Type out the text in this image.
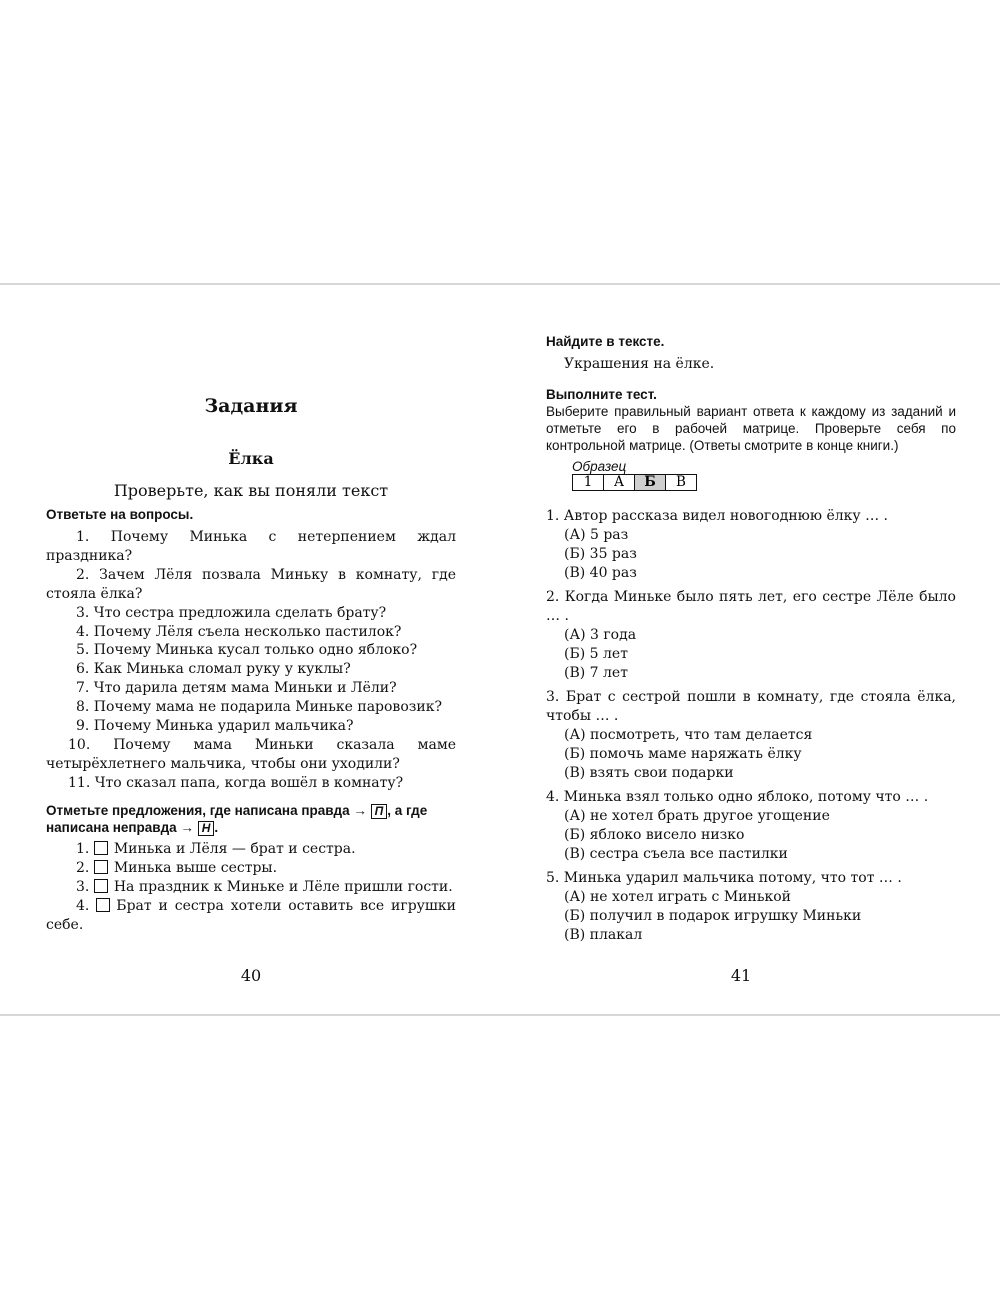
Задания
Ёлка
Проверьте, как вы поняли текст

Ответьте на вопросы.

1. Почему Минька с нетерпением ждал праздника?

2. Зачем Лёля позвала Миньку в комнату, где стояла ёлка?

3. Что сестра предложила сделать брату?

4. Почему Лёля съела несколько пастилок?

5. Почему Минька кусал только одно яблоко?

6. Как Минька сломал руку у куклы?

7. Что дарила детям мама Миньки и Лёли?

8. Почему мама не подарила Миньке паровозик?

9. Почему Минька ударил мальчика?

10. Почему мама Миньки сказала маме четырёхлетнего мальчика, чтобы они уходили?

11. Что сказал папа, когда вошёл в комнату?

Отметьте предложения, где написана правда → П , а где написана неправда → Н .

1. Минька и Лёля — брат и сестра.

2. Минька выше сестры.

3. На праздник к Миньке и Лёле пришли гости.

4. Брат и сестра хотели оставить все игрушки себе.

40

Найдите в тексте.

Украшения на ёлке.

Выполните тест.

Выберите правильный вариант ответа к каждому из заданий и отметьте его в рабочей матрице. Проверьте себя по контрольной матрице. (Ответы смотрите в конце книги.)

Образец
1	А	Б	В

1. Автор рассказа видел новогоднюю ёлку … .

(А) 5 раз

(Б) 35 раз

(В) 40 раз

2. Когда Миньке было пять лет, его сестре Лёле было … .

(А) 3 года

(Б) 5 лет

(В) 7 лет

3. Брат с сестрой пошли в комнату, где стояла ёлка, чтобы … .

(А) посмотреть, что там делается

(Б) помочь маме наряжать ёлку

(В) взять свои подарки

4. Минька взял только одно яблоко, потому что … .

(А) не хотел брать другое угощение

(Б) яблоко висело низко

(В) сестра съела все пастилки

5. Минька ударил мальчика потому, что тот … .

(А) не хотел играть с Минькой

(Б) получил в подарок игрушку Миньки

(В) плакал

41
